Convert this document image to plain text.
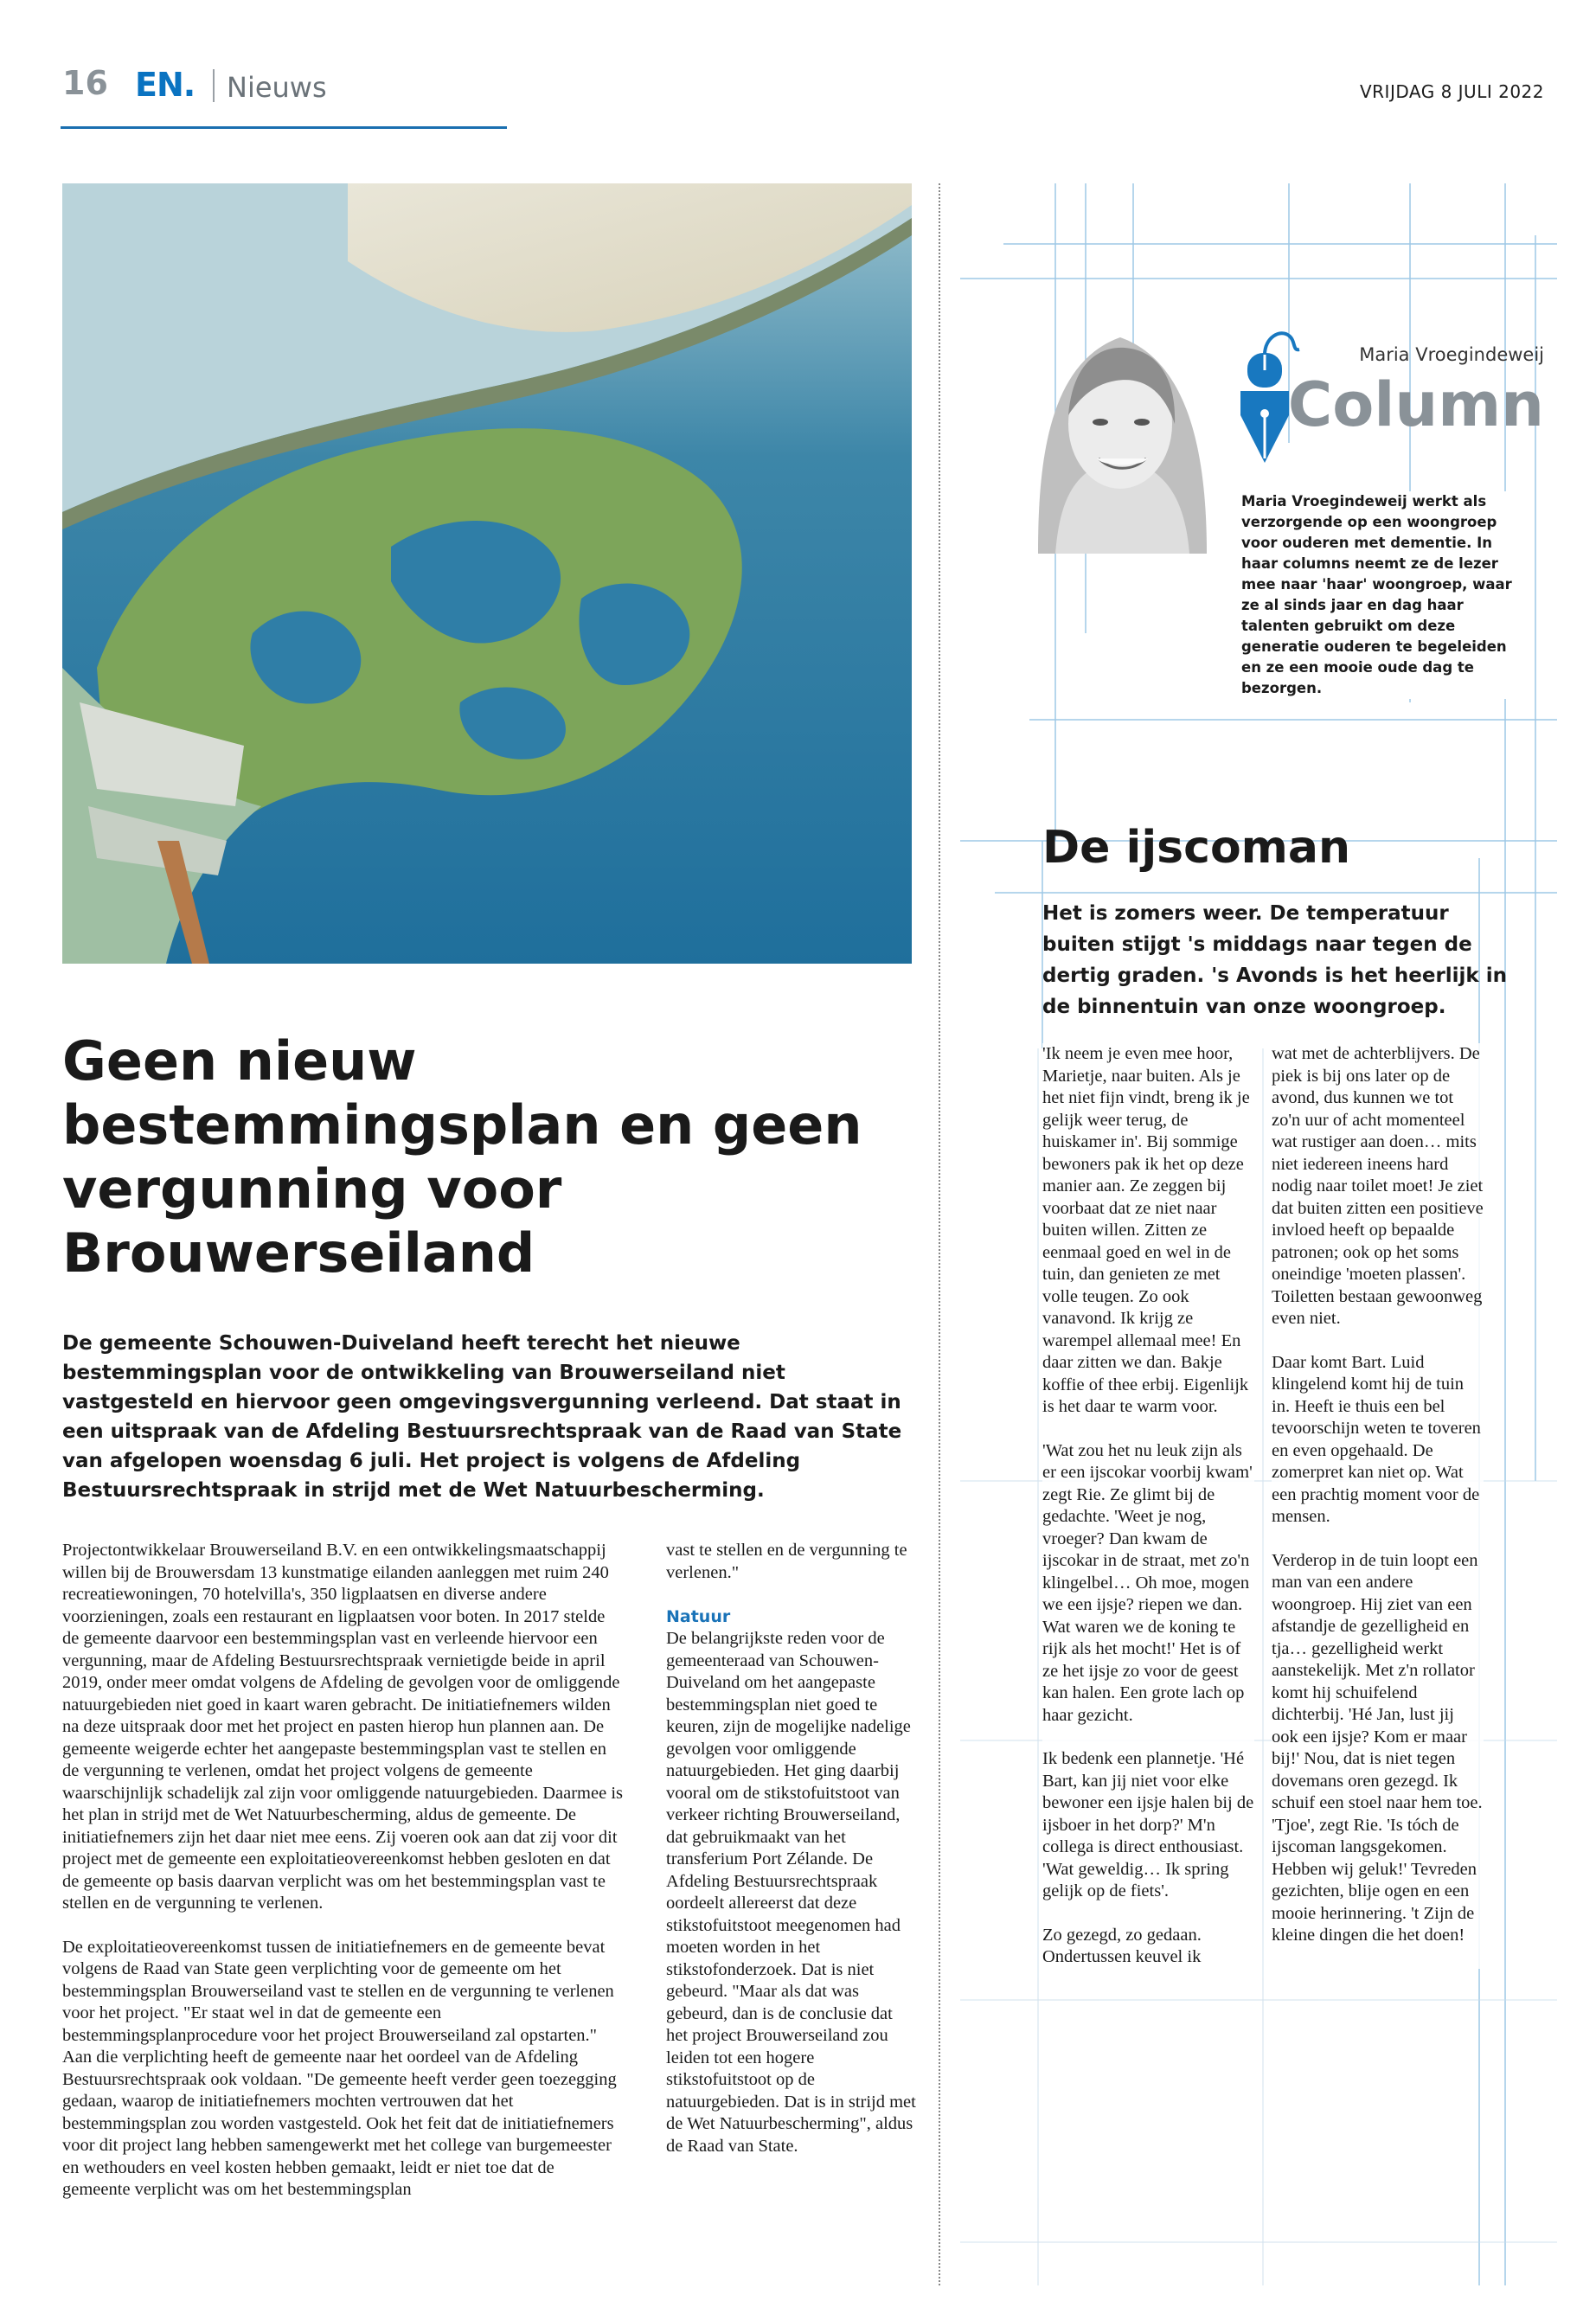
16 EN. Nieuws	VRIJDAG 8 JULI 2022
Geen nieuw bestemmingsplan en geen vergunning voor Brouwerseiland

De gemeente Schouwen-Duiveland heeft terecht het nieuwe bestemmingsplan voor de ontwikkeling van Brouwerseiland niet vastgesteld en hiervoor geen omgevingsvergunning verleend. Dat staat in een uitspraak van de Afdeling Bestuursrechtspraak van de Raad van State van afgelopen woensdag 6 juli. Het project is volgens de Afdeling Bestuursrechtspraak in strijd met de Wet Natuurbescherming.

Projectontwikkelaar Brouwerseiland B.V. en een ontwikkelingsmaatschappij willen bij de Brouwersdam 13 kunstmatige eilanden aanleggen met ruim 240 recreatiewoningen, 70 hotelvilla's, 350 ligplaatsen en diverse andere voorzieningen, zoals een restaurant en ligplaatsen voor boten. In 2017 stelde de gemeente daarvoor een bestemmingsplan vast en verleende hiervoor een vergunning, maar de Afdeling Bestuursrechtspraak vernietigde beide in april 2019, onder meer omdat volgens de Afdeling de gevolgen voor de omliggende natuurgebieden niet goed in kaart waren gebracht. De initiatiefnemers wilden na deze uitspraak door met het project en pasten hierop hun plannen aan. De gemeente weigerde echter het aangepaste bestemmingsplan vast te stellen en de vergunning te verlenen, omdat het project volgens de gemeente waarschijnlijk schadelijk zal zijn voor omliggende natuurgebieden. Daarmee is het plan in strijd met de Wet Natuurbescherming, aldus de gemeente. De initiatiefnemers zijn het daar niet mee eens. Zij voeren ook aan dat zij voor dit project met de gemeente een exploitatieovereenkomst hebben gesloten en dat de gemeente op basis daarvan verplicht was om het bestemmingsplan vast te stellen en de vergunning te verlenen.

De exploitatieovereenkomst tussen de initiatiefnemers en de gemeente bevat volgens de Raad van State geen verplichting voor de gemeente om het bestemmingsplan Brouwerseiland vast te stellen en de vergunning te verlenen voor het project. "Er staat wel in dat de gemeente een bestemmingsplanprocedure voor het project Brouwerseiland zal opstarten." Aan die verplichting heeft de gemeente naar het oordeel van de Afdeling Bestuursrechtspraak ook voldaan. "De gemeente heeft verder geen toezegging gedaan, waarop de initiatiefnemers mochten vertrouwen dat het bestemmingsplan zou worden vastgesteld. Ook het feit dat de initiatiefnemers voor dit project lang hebben samengewerkt met het college van burgemeester en wethouders en veel kosten hebben gemaakt, leidt er niet toe dat de gemeente verplicht was om het bestemmingsplan

vast te stellen en de vergunning te verlenen."

Natuur

De belangrijkste reden voor de gemeenteraad van Schouwen-Duiveland om het aangepaste bestemmingsplan niet goed te keuren, zijn de mogelijke nadelige gevolgen voor omliggende natuurgebieden. Het ging daarbij vooral om de stikstofuitstoot van verkeer richting Brouwerseiland, dat gebruikmaakt van het transferium Port Zélande. De Afdeling Bestuursrechtspraak oordeelt allereerst dat deze stikstofuitstoot meegenomen had moeten worden in het stikstofonderzoek. Dat is niet gebeurd. "Maar als dat was gebeurd, dan is de conclusie dat het project Brouwerseiland zou leiden tot een hogere stikstofuitstoot op de natuurgebieden. Dat is in strijd met de Wet Natuurbescherming", aldus de Raad van State.

Maria Vroegindeweij
Column

Maria Vroegindeweij werkt als verzorgende op een woongroep voor ouderen met dementie. In haar columns neemt ze de lezer mee naar 'haar' woongroep, waar ze al sinds jaar en dag haar talenten gebruikt om deze generatie ouderen te begeleiden en ze een mooie oude dag te bezorgen.

De ijscoman

Het is zomers weer. De temperatuur buiten stijgt 's middags naar tegen de dertig graden. 's Avonds is het heerlijk in de binnentuin van onze woongroep.

'Ik neem je even mee hoor, Marietje, naar buiten. Als je het niet fijn vindt, breng ik je gelijk weer terug, de huiskamer in'. Bij sommige bewoners pak ik het op deze manier aan. Ze zeggen bij voorbaat dat ze niet naar buiten willen. Zitten ze eenmaal goed en wel in de tuin, dan genieten ze met volle teugen. Zo ook vanavond. Ik krijg ze warempel allemaal mee! En daar zitten we dan. Bakje koffie of thee erbij. Eigenlijk is het daar te warm voor.

'Wat zou het nu leuk zijn als er een ijscokar voorbij kwam' zegt Rie. Ze glimt bij de gedachte. 'Weet je nog, vroeger? Dan kwam de ijscokar in de straat, met zo'n klingelbel… Oh moe, mogen we een ijsje? riepen we dan. Wat waren we de koning te rijk als het mocht!' Het is of ze het ijsje zo voor de geest kan halen. Een grote lach op haar gezicht.

Ik bedenk een plannetje. 'Hé Bart, kan jij niet voor elke bewoner een ijsje halen bij de ijsboer in het dorp?' M'n collega is direct enthousiast. 'Wat geweldig… Ik spring gelijk op de fiets'.

Zo gezegd, zo gedaan. Ondertussen keuvel ik

wat met de achterblijvers. De piek is bij ons later op de avond, dus kunnen we tot zo'n uur of acht momenteel wat rustiger aan doen… mits niet iedereen ineens hard nodig naar toilet moet! Je ziet dat buiten zitten een positieve invloed heeft op bepaalde patronen; ook op het soms oneindige 'moeten plassen'. Toiletten bestaan gewoonweg even niet.

Daar komt Bart. Luid klingelend komt hij de tuin in. Heeft ie thuis een bel tevoorschijn weten te toveren en even opgehaald. De zomerpret kan niet op. Wat een prachtig moment voor de mensen.

Verderop in de tuin loopt een man van een andere woongroep. Hij ziet van een afstandje de gezelligheid en tja… gezelligheid werkt aanstekelijk. Met z'n rollator komt hij schuifelend dichterbij. 'Hé Jan, lust jij ook een ijsje? Kom er maar bij!' Nou, dat is niet tegen dovemans oren gezegd. Ik schuif een stoel naar hem toe. 'Tjoe', zegt Rie. 'Is tóch de ijscoman langsgekomen. Hebben wij geluk!' Tevreden gezichten, blije ogen en een mooie herinnering. 't Zijn de kleine dingen die het doen!
